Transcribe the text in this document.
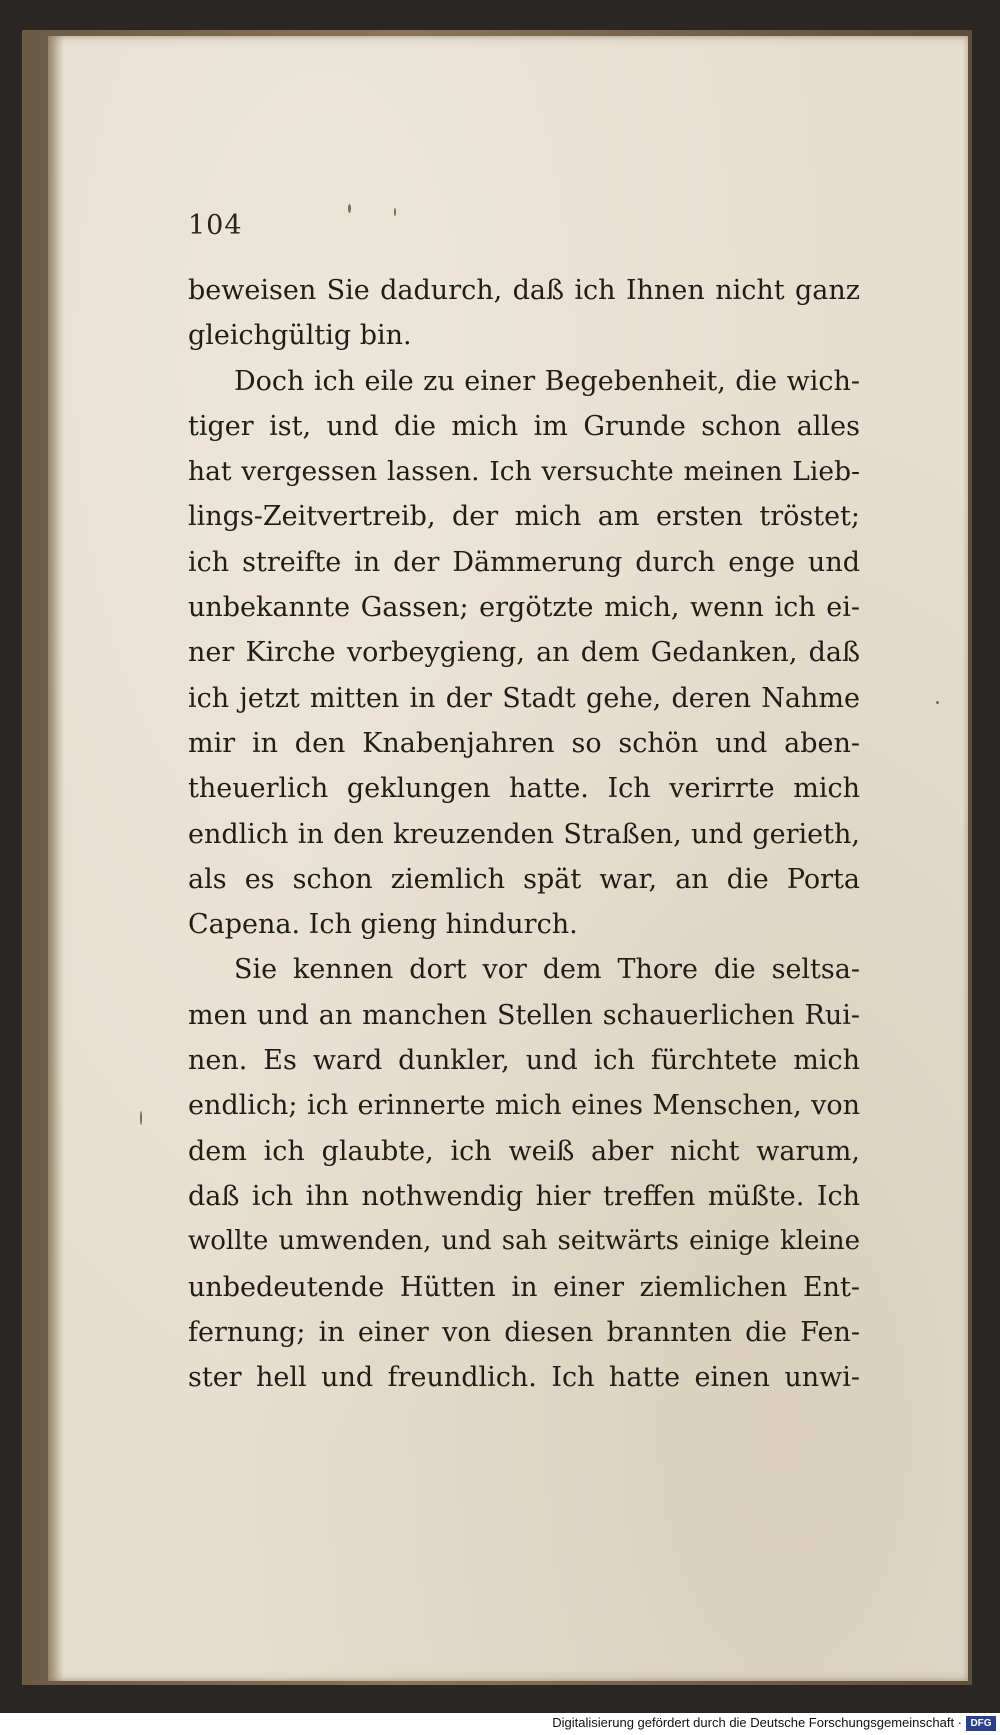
104
beweisen Sie dadurch, daß ich Ihnen nicht ganz
gleichgültig bin.
Doch ich eile zu einer Begebenheit, die wich-
tiger ist, und die mich im Grunde schon alles
hat vergessen lassen. Ich versuchte meinen Lieb-
lings-Zeitvertreib, der mich am ersten tröstet;
ich streifte in der Dämmerung durch enge und
unbekannte Gassen; ergötzte mich, wenn ich ei-
ner Kirche vorbeygieng, an dem Gedanken, daß
ich jetzt mitten in der Stadt gehe, deren Nahme
mir in den Knabenjahren so schön und aben-
theuerlich geklungen hatte. Ich verirrte mich
endlich in den kreuzenden Straßen, und gerieth,
als es schon ziemlich spät war, an die Porta
Capena. Ich gieng hindurch.
Sie kennen dort vor dem Thore die seltsa-
men und an manchen Stellen schauerlichen Rui-
nen. Es ward dunkler, und ich fürchtete mich
endlich; ich erinnerte mich eines Menschen, von
dem ich glaubte, ich weiß aber nicht warum,
daß ich ihn nothwendig hier treffen müßte. Ich
wollte umwenden, und sah seitwärts einige kleine
unbedeutende Hütten in einer ziemlichen Ent-
fernung; in einer von diesen brannten die Fen-
ster hell und freundlich. Ich hatte einen unwi-
Digitalisierung gefördert durch die Deutsche Forschungsgemeinschaft · DFG
